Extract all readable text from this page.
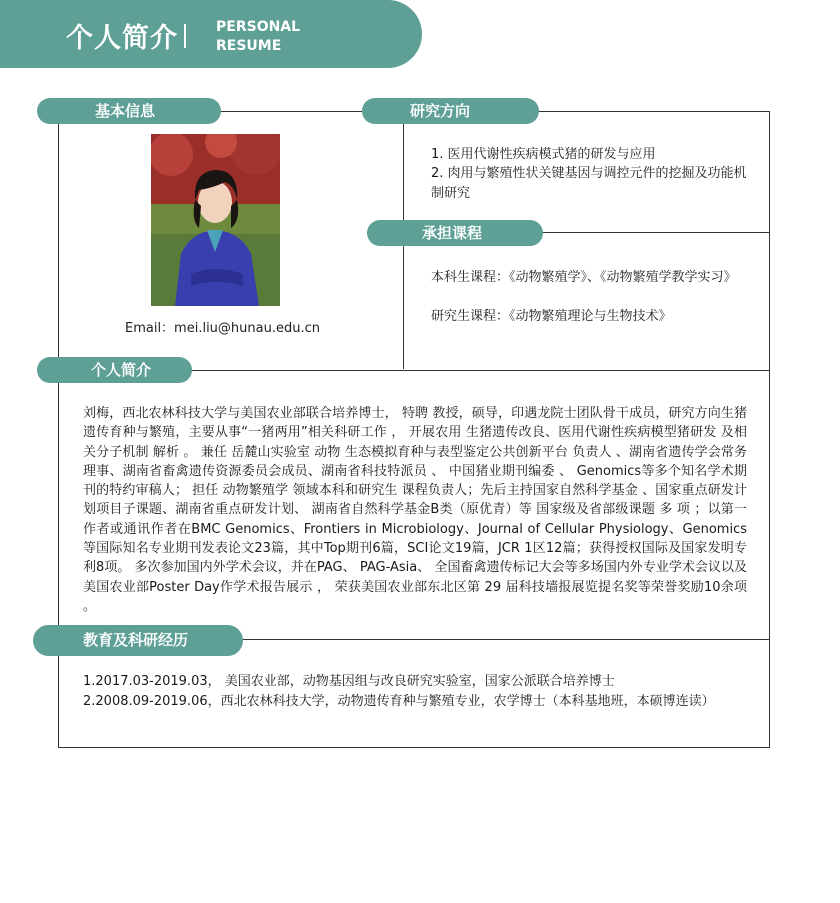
个人简介	PERSONAL
RESUME
基本信息	研究方向
承担课程
个人简介
教育及科研经历
Email：mei.liu@hunau.edu.cn
1. 医用代谢性疾病模式猪的研发与应用
2. 肉用与繁殖性状关键基因与调控元件的挖掘及功能机制研究
本科生课程：《动物繁殖学》、《动物繁殖学教学实习》
研究生课程：《动物繁殖理论与生物技术》
刘梅，西北农林科技大学与美国农业部联合培养博士， 特聘 教授，硕导，印遇龙院士团队骨干成员，研究方向生猪遗传育种与繁殖，主要从事“一猪两用”相关科研工作 ， 开展农用 生猪遗传改良、医用代谢性疾病模型猪研发 及相关分子机制 解析 。 兼任 岳麓山实验室 动物 生态模拟育种与表型鉴定公共创新平台 负责人 、湖南省遗传学会常务理事、湖南省畜禽遗传资源委员会成员、湖南省科技特派员 、 中国猪业期刊编委 、 Genomics等多个知名学术期刊的特约审稿人； 担任 动物繁殖学 领域本科和研究生 课程负责人；先后主持国家自然科学基金 、国家重点研发计划项目子课题、湖南省重点研发计划、 湖南省自然科学基金B类（原优青）等 国家级及省部级课题 多 项 ；以第一作者或通讯作者在BMC Genomics、Frontiers in Microbiology、Journal of Cellular Physiology、Genomics等国际知名专业期刊发表论文23篇，其中Top期刊6篇，SCI论文19篇，JCR 1区12篇；获得授权国际及国家发明专利8项。 多次参加国内外学术会议，并在PAG、 PAG-Asia、 全国畜禽遗传标记大会等多场国内外专业学术会议以及美国农业部Poster Day作学术报告展示 ， 荣获美国农业部东北区第 29 届科技墙报展览提名奖等荣誉奖励10余项 。
1.2017.03-2019.03， 美国农业部，动物基因组与改良研究实验室，国家公派联合培养博士
2.2008.09-2019.06，西北农林科技大学，动物遗传育种与繁殖专业，农学博士（本科基地班，本硕博连读）
